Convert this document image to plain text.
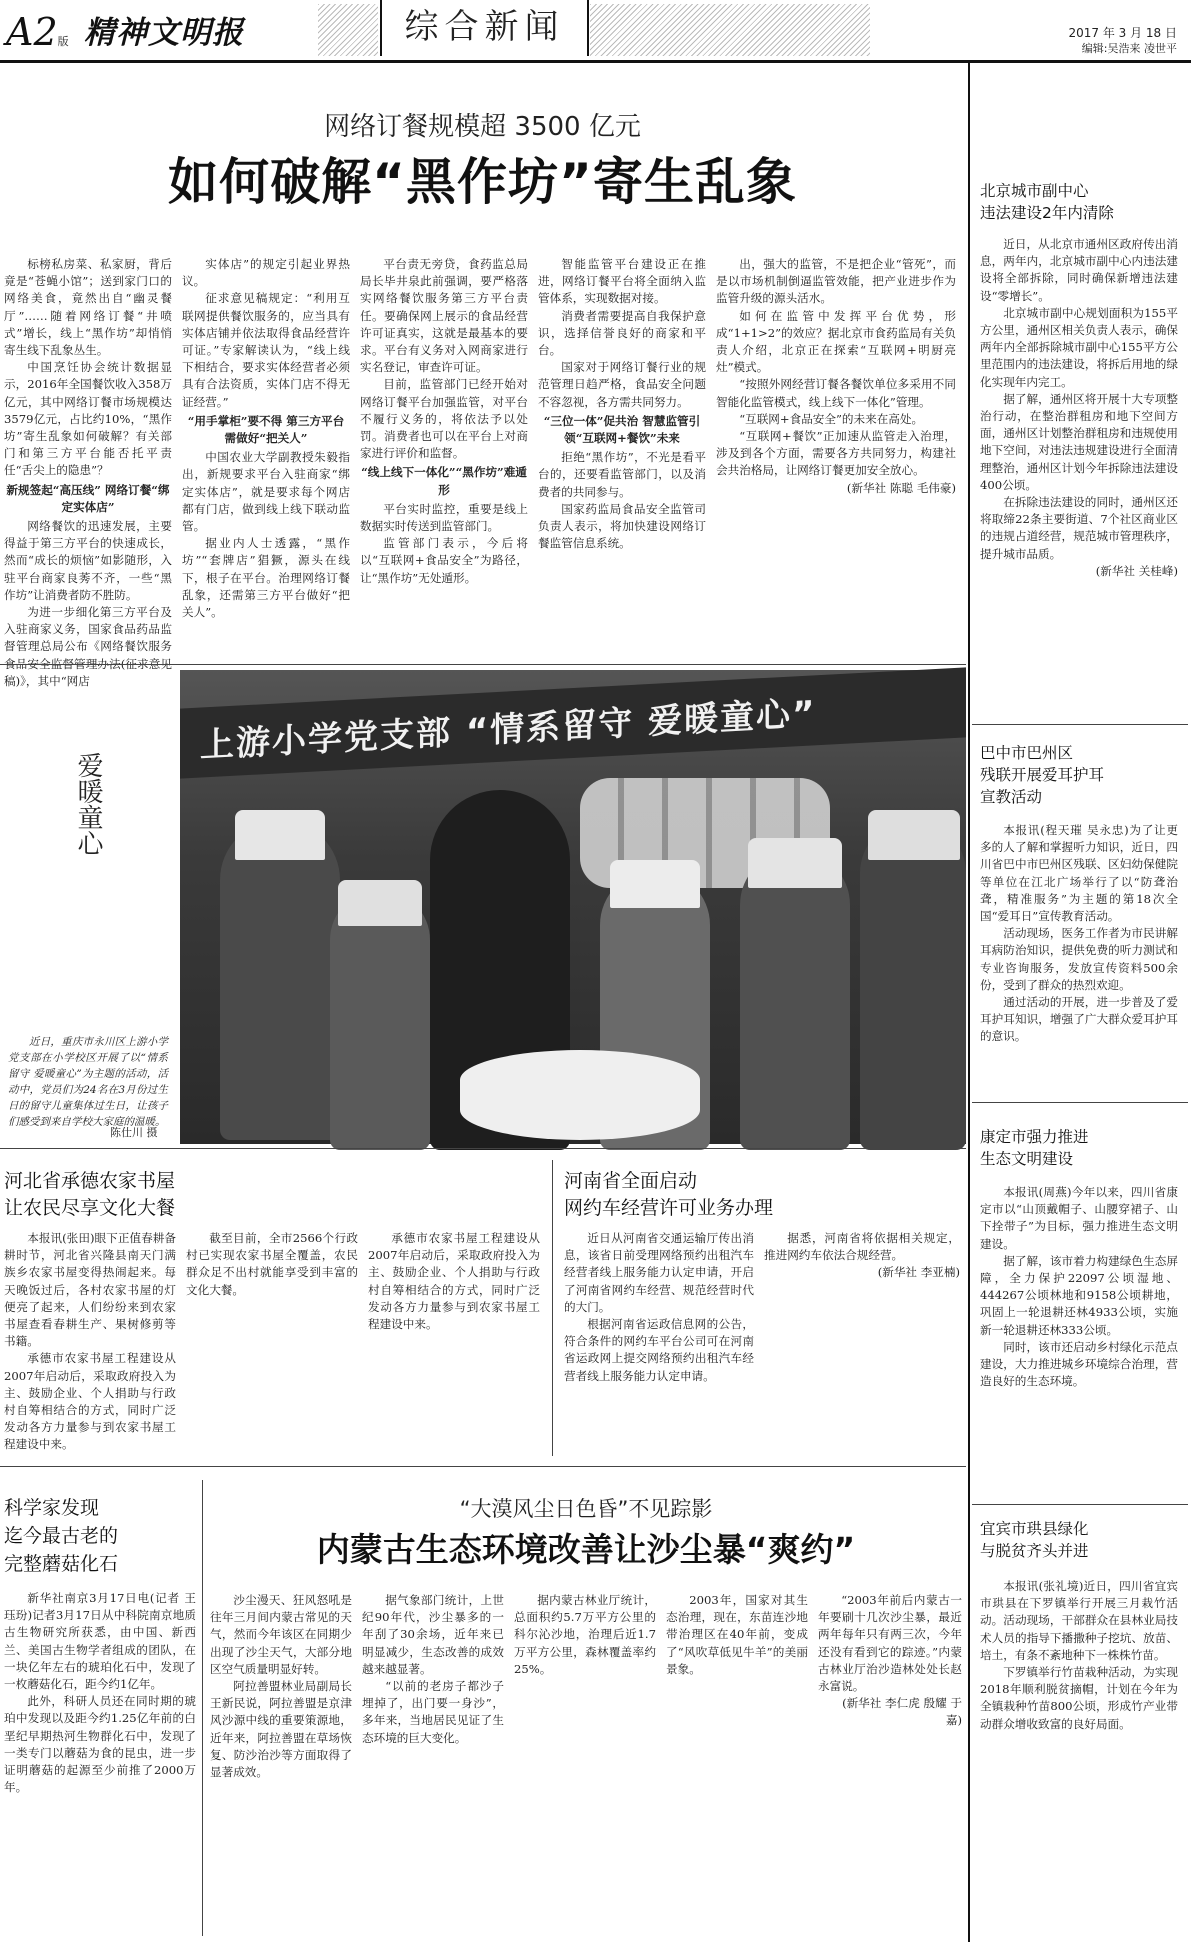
A2版 精神文明报	综合新闻	2017 年 3 月 18 日
编辑:吴浩来 凌世平
网络订餐规模超 3500 亿元
如何破解“黑作坊”寄生乱象

标榜私房菜、私家厨，背后竟是“苍蝇小馆”；送到家门口的网络美食，竟然出自“幽灵餐厅”……随着网络订餐“井喷式”增长，线上“黑作坊”却悄悄寄生线下乱象丛生。

中国烹饪协会统计数据显示，2016年全国餐饮收入358万亿元，其中网络订餐市场规模达3579亿元，占比约10%，“黑作坊”寄生乱象如何破解？有关部门和第三方平台能否托平责任“舌尖上的隐患”？

新规签起“高压线” 网络订餐“绑定实体店”

网络餐饮的迅速发展，主要得益于第三方平台的快速成长，然而“成长的烦恼”如影随形，入驻平台商家良莠不齐，一些“黑作坊”让消费者防不胜防。

为进一步细化第三方平台及入驻商家义务，国家食品药品监督管理总局公布《网络餐饮服务食品安全监督管理办法(征求意见稿)》，其中“网店

实体店”的规定引起业界热议。

征求意见稿规定：“利用互联网提供餐饮服务的，应当具有实体店铺并依法取得食品经营许可证。”专家解读认为，“线上线下相结合，要求实体经营者必须具有合法资质，实体门店不得无证经营。”

“用手掌柜”要不得 第三方平台需做好“把关人”

中国农业大学副教授朱毅指出，新规要求平台入驻商家“绑定实体店”，就是要求每个网店都有门店，做到线上线下联动监管。

据业内人士透露，“黑作坊”“套牌店”猖獗，源头在线下，根子在平台。治理网络订餐乱象，还需第三方平台做好“把关人”。

平台责无旁贷，食药监总局局长毕井泉此前强调，要严格落实网络餐饮服务第三方平台责任。要确保网上展示的食品经营许可证真实，这就是最基本的要求。平台有义务对入网商家进行实名登记，审查许可证。

目前，监管部门已经开始对网络订餐平台加强监管，对平台不履行义务的，将依法予以处罚。消费者也可以在平台上对商家进行评价和监督。

“线上线下一体化”“黑作坊”难遁形

平台实时监控，重要是线上数据实时传送到监管部门。

监管部门表示，今后将以“互联网+食品安全”为路径，让“黑作坊”无处遁形。

智能监管平台建设正在推进，网络订餐平台将全面纳入监管体系，实现数据对接。

消费者需要提高自我保护意识，选择信誉良好的商家和平台。

国家对于网络订餐行业的规范管理日趋严格，食品安全问题不容忽视，各方需共同努力。

“三位一体”促共治 智慧监管引领“互联网+餐饮”未来

拒绝“黑作坊”，不光是看平台的，还要看监管部门，以及消费者的共同参与。

国家药监局食品安全监管司负责人表示，将加快建设网络订餐监管信息系统。

出，强大的监管，不是把企业“管死”，而是以市场机制倒逼监管效能，把产业进步作为监管升级的源头活水。

如何在监管中发挥平台优势，形成“1+1>2”的效应？据北京市食药监局有关负责人介绍，北京正在探索“互联网+明厨亮灶”模式。

“按照外网经营订餐各餐饮单位多采用不同智能化监管模式，线上线下一体化”管理。

“互联网+食品安全”的未来在高处。

“互联网+餐饮”正加速从监管走入治理，涉及到各个方面，需要各方共同努力，构建社会共治格局，让网络订餐更加安全放心。

(新华社 陈聪 毛伟豪)

北京城市副中心
违法建设2年内清除

近日，从北京市通州区政府传出消息，两年内，北京城市副中心内违法建设将全部拆除，同时确保新增违法建设“零增长”。

北京城市副中心规划面积为155平方公里，通州区相关负责人表示，确保两年内全部拆除城市副中心155平方公里范围内的违法建设，将拆后用地的绿化实现年内完工。

据了解，通州区将开展十大专项整治行动，在整治群租房和地下空间方面，通州区计划整治群租房和违规使用地下空间，对违法违规建设进行全面清理整治，通州区计划今年拆除违法建设400公顷。

在拆除违法建设的同时，通州区还将取缔22条主要街道、7个社区商业区的违规占道经营，规范城市管理秩序，提升城市品质。

(新华社 关桂峰)

巴中市巴州区
残联开展爱耳护耳
宣教活动

本报讯(程天璀 吴永忠)为了让更多的人了解和掌握听力知识，近日，四川省巴中市巴州区残联、区妇幼保健院等单位在江北广场举行了以“防聋治聋，精准服务”为主题的第18次全国“爱耳日”宣传教育活动。

活动现场，医务工作者为市民讲解耳病防治知识，提供免费的听力测试和专业咨询服务，发放宣传资料500余份，受到了群众的热烈欢迎。

通过活动的开展，进一步普及了爱耳护耳知识，增强了广大群众爱耳护耳的意识。

康定市强力推进
生态文明建设

本报讯(周燕)今年以来，四川省康定市以“山顶戴帽子、山腰穿裙子、山下拴带子”为目标，强力推进生态文明建设。

据了解，该市着力构建绿色生态屏障，全力保护22097公顷湿地、444267公顷林地和9158公顷耕地，巩固上一轮退耕还林4933公顷，实施新一轮退耕还林333公顷。

同时，该市还启动乡村绿化示范点建设，大力推进城乡环境综合治理，营造良好的生态环境。

宜宾市珙县绿化
与脱贫齐头并进

本报讯(张礼境)近日，四川省宜宾市珙县在下罗镇举行开展三月栽竹活动。活动现场，干部群众在县林业局技术人员的指导下播撒种子挖坑、放苗、培土，有条不紊地种下一株株竹苗。

下罗镇举行竹苗栽种活动，为实现2018年顺利脱贫摘帽，计划在今年为全镇栽种竹苗800公顷，形成竹产业带动群众增收致富的良好局面。

爱暖童心

近日，重庆市永川区上游小学党支部在小学校区开展了以“情系留守 爱暖童心”为主题的活动，活动中，党员们为24名在3月份过生日的留守儿童集体过生日，让孩子们感受到来自学校大家庭的温暖。

陈仕川 摄
上游小学党支部 “情系留守 爱暖童心”
河北省承德农家书屋
让农民尽享文化大餐

本报讯(张田)眼下正值春耕备耕时节，河北省兴隆县南天门满族乡农家书屋变得热闹起来。每天晚饭过后，各村农家书屋的灯便亮了起来，人们纷纷来到农家书屋查看春耕生产、果树修剪等书籍。

承德市农家书屋工程建设从2007年启动后，采取政府投入为主、鼓励企业、个人捐助与行政村自筹相结合的方式，同时广泛发动各方力量参与到农家书屋工程建设中来。

截至目前，全市2566个行政村已实现农家书屋全覆盖，农民群众足不出村就能享受到丰富的文化大餐。

承德市农家书屋工程建设从2007年启动后，采取政府投入为主、鼓励企业、个人捐助与行政村自筹相结合的方式，同时广泛发动各方力量参与到农家书屋工程建设中来。

河南省全面启动
网约车经营许可业务办理

近日从河南省交通运输厅传出消息，该省日前受理网络预约出租汽车经营者线上服务能力认定申请，开启了河南省网约车经营、规范经营时代的大门。

根据河南省运政信息网的公告，符合条件的网约车平台公司可在河南省运政网上提交网络预约出租汽车经营者线上服务能力认定申请。

据悉，河南省将依据相关规定，推进网约车依法合规经营。

(新华社 李亚楠)

科学家发现
迄今最古老的
完整蘑菇化石

新华社南京3月17日电(记者 王珏玢)记者3月17日从中科院南京地质古生物研究所获悉，由中国、新西兰、美国古生物学者组成的团队，在一块亿年左右的琥珀化石中，发现了一枚蘑菇化石，距今约1亿年。

此外，科研人员还在同时期的琥珀中发现以及距今约1.25亿年前的白垩纪早期热河生物群化石中，发现了一类专门以蘑菇为食的昆虫，进一步证明蘑菇的起源至少前推了2000万年。

“大漠风尘日色昏”不见踪影
内蒙古生态环境改善让沙尘暴“爽约”

沙尘漫天、狂风怒吼是往年三月间内蒙古常见的天气，然而今年该区在同期少出现了沙尘天气，大部分地区空气质量明显好转。

阿拉善盟林业局副局长王新民说，阿拉善盟是京津风沙源中线的重要策源地，近年来，阿拉善盟在草场恢复、防沙治沙等方面取得了显著成效。

据气象部门统计，上世纪90年代，沙尘暴多的一年刮了30余场，近年来已明显减少，生态改善的成效越来越显著。

“以前的老房子都沙子埋掉了，出门要一身沙”，多年来，当地居民见证了生态环境的巨大变化。

据内蒙古林业厅统计，总面积约5.7万平方公里的科尔沁沙地，治理后近1.7万平方公里，森林覆盖率约25%。

2003年，国家对其生态治理，现在，东苗连沙地带治理区在40年前，变成了“风吹草低见牛羊”的美丽景象。

“2003年前后内蒙古一年要刷十几次沙尘暴，最近两年每年只有两三次，今年还没有看到它的踪迹。”内蒙古林业厅治沙造林处处长赵永富说。

(新华社 李仁虎 殷耀 于嘉)
